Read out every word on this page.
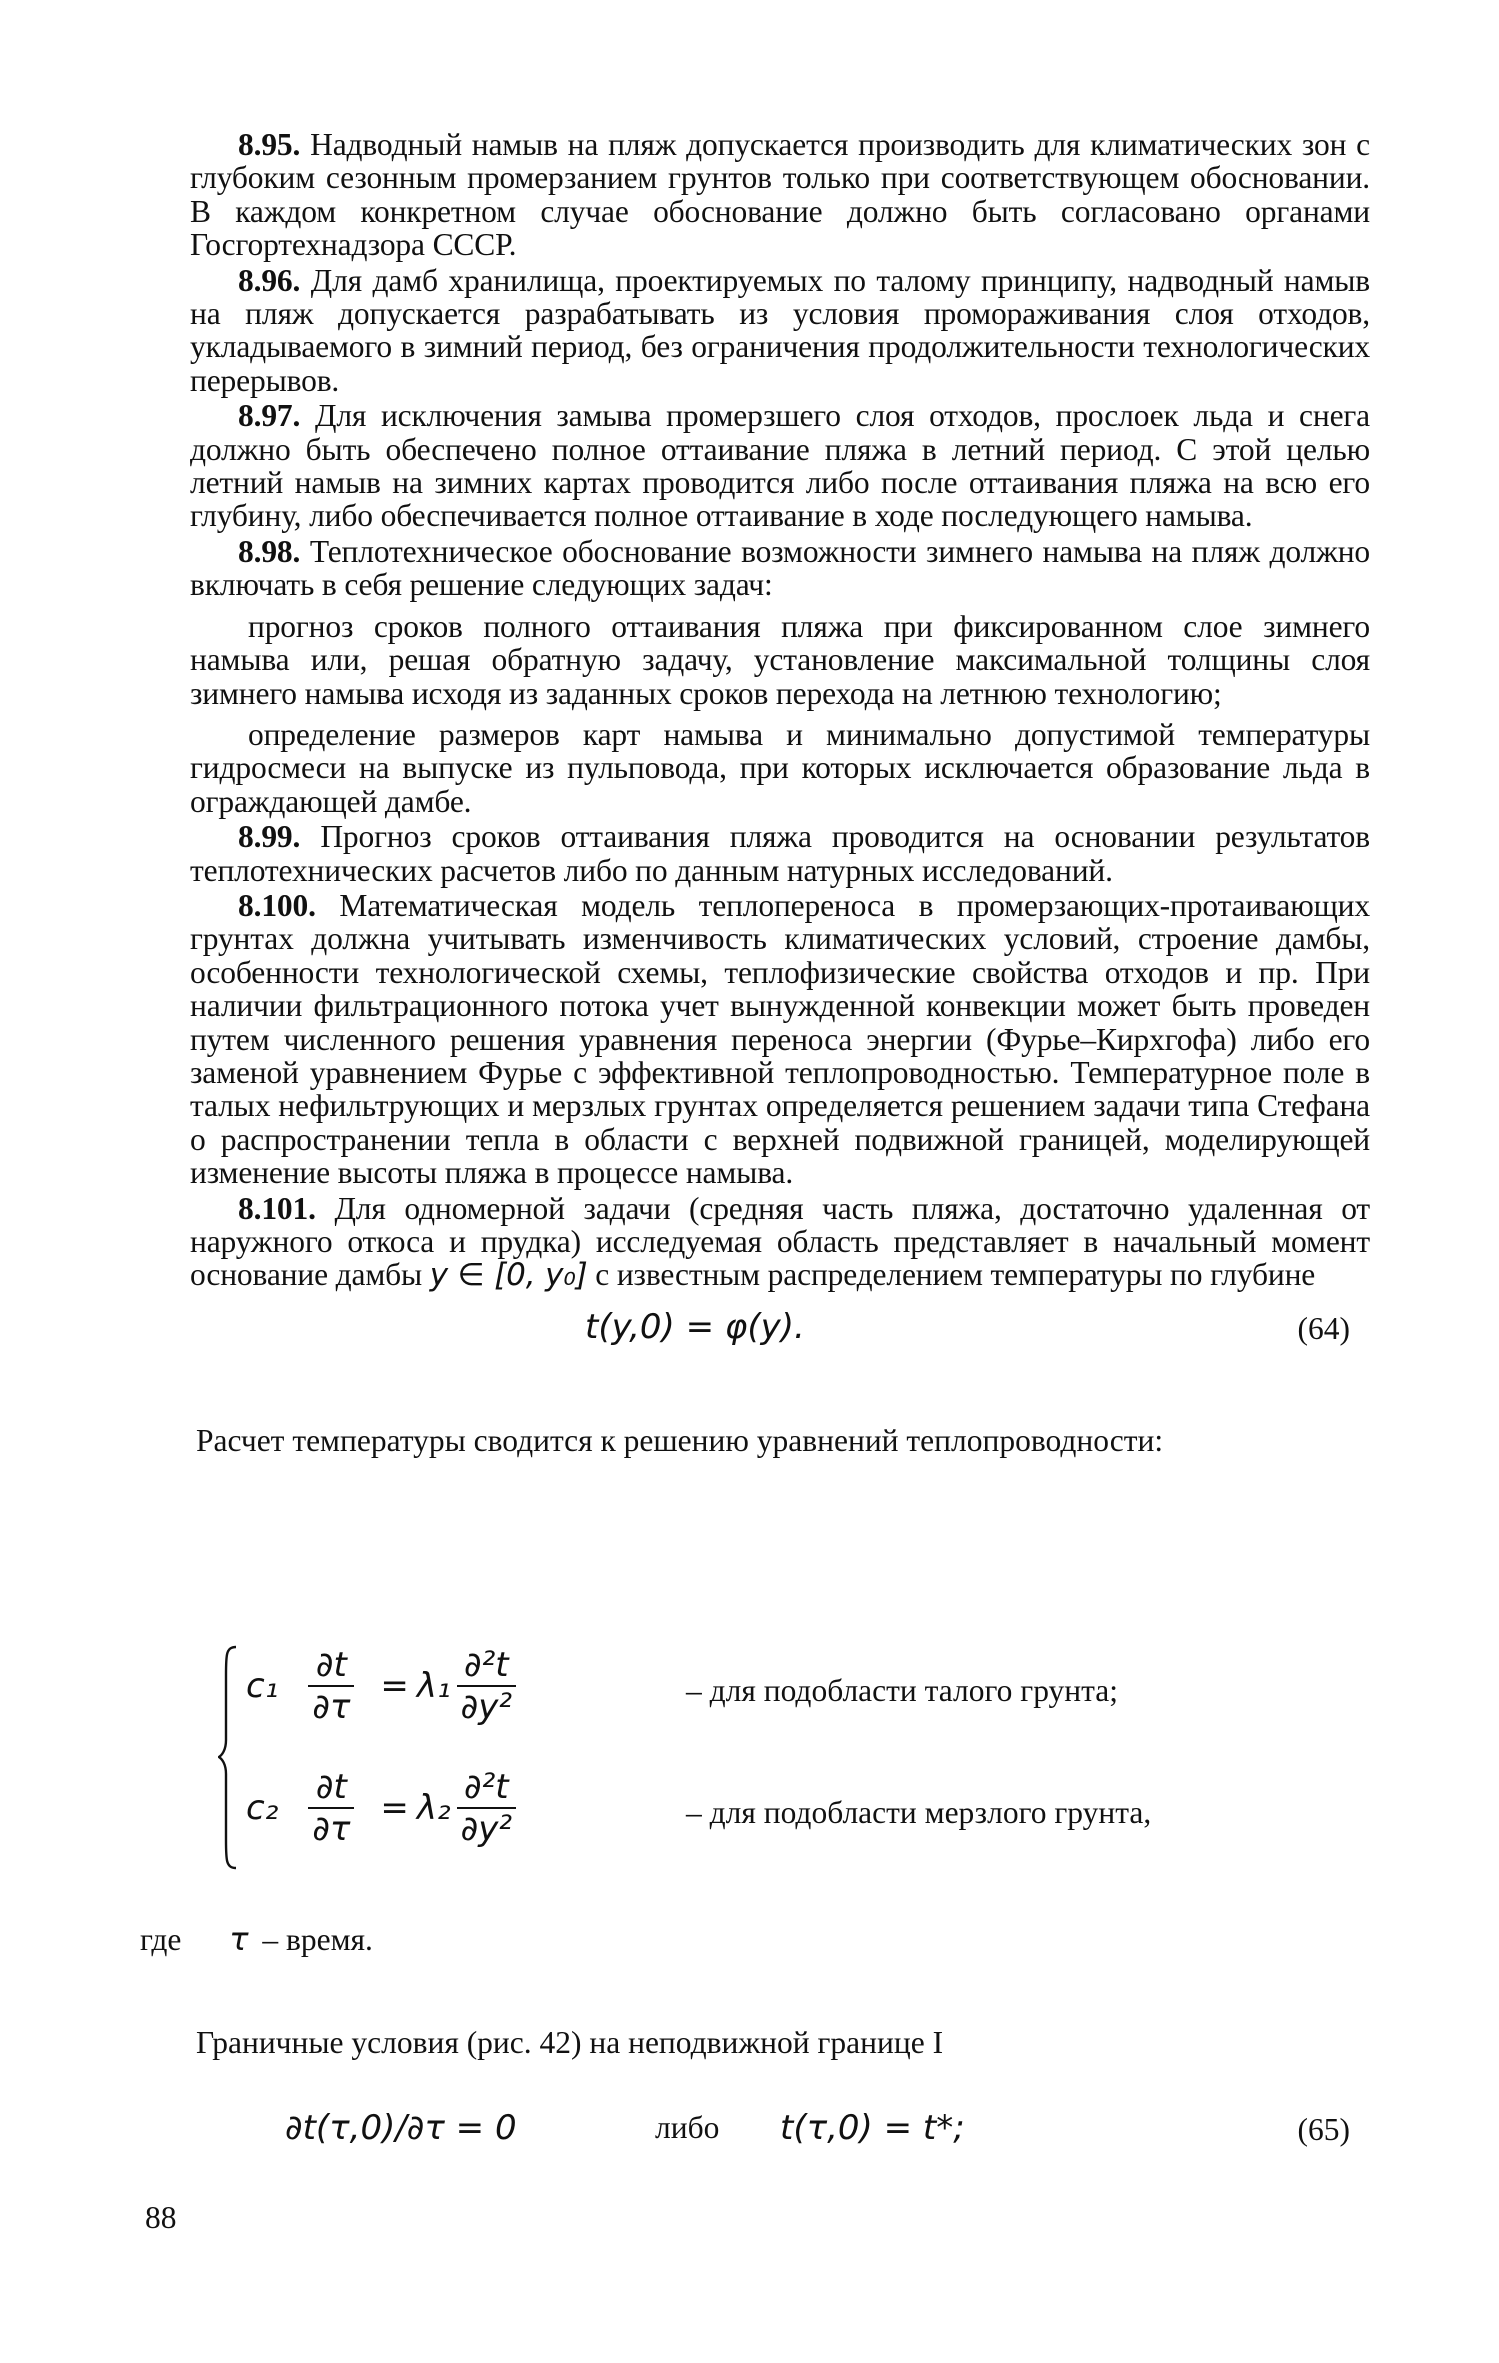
8.95. Надводный намыв на пляж допускается производить для климатических зон с глубоким сезонным промерзанием грунтов только при соответствующем обосновании. В каждом конкретном случае обоснование должно быть согласовано органами Госгортехнадзора СССР.

8.96. Для дамб хранилища, проектируемых по талому принципу, надводный намыв на пляж допускается разрабатывать из условия промораживания слоя отходов, укладываемого в зимний период, без ограничения продолжительности технологических перерывов.

8.97. Для исключения замыва промерзшего слоя отходов, прослоек льда и снега должно быть обеспечено полное оттаивание пляжа в летний период. С этой целью летний намыв на зимних картах проводится либо после оттаивания пляжа на всю его глубину, либо обеспечивается полное оттаивание в ходе последующего намыва.

8.98. Теплотехническое обоснование возможности зимнего намыва на пляж должно включать в себя решение следующих задач:

прогноз сроков полного оттаивания пляжа при фиксированном слое зимнего намыва или, решая обратную задачу, установление максимальной толщины слоя зимнего намыва исходя из заданных сроков перехода на летнюю технологию;

определение размеров карт намыва и минимально допустимой температуры гидросмеси на выпуске из пульповода, при которых исключается образование льда в ограждающей дамбе.

8.99. Прогноз сроков оттаивания пляжа проводится на основании результатов теплотехнических расчетов либо по данным натурных исследований.

8.100. Математическая модель теплопереноса в промерзающих-протаивающих грунтах должна учитывать изменчивость климатических условий, строение дамбы, особенности технологической схемы, теплофизические свойства отходов и пр. При наличии фильтрационного потока учет вынужденной конвекции может быть проведен путем численного решения уравнения переноса энергии (Фурье–Кирхгофа) либо его заменой уравнением Фурье с эффективной теплопроводностью. Температурное поле в талых нефильтрующих и мерзлых грунтах определяется решением задачи типа Стефана о распространении тепла в области с верхней подвижной границей, моделирующей изменение высоты пляжа в процессе намыва.

8.101. Для одномерной задачи (средняя часть пляжа, достаточно удаленная от наружного откоса и прудка) исследуемая область представляет в начальный момент основание дамбы y ∈ [0, y₀] с известным распределением температуры по глубине

t(y,0) = φ(y).	(64)
Расчет температуры сводится к решению уравнений теплопроводности:
$c_1 \frac{\partial t}{\partial\tau} = \lambda_1 \frac{\text{∂²t}}{\text{∂y²}}$	– для подобласти талого грунта;
$c_2 \frac{\partial t}{\partial\tau} = \lambda_2 \frac{\text{∂²t}}{\text{∂y²}}$	– для подобласти мерзлого грунта,
где τ – время.
Граничные условия (рис. 42) на неподвижной границе I
∂t(τ,0)/∂τ = 0	либо t(τ,0) = t*;	(65)
88
